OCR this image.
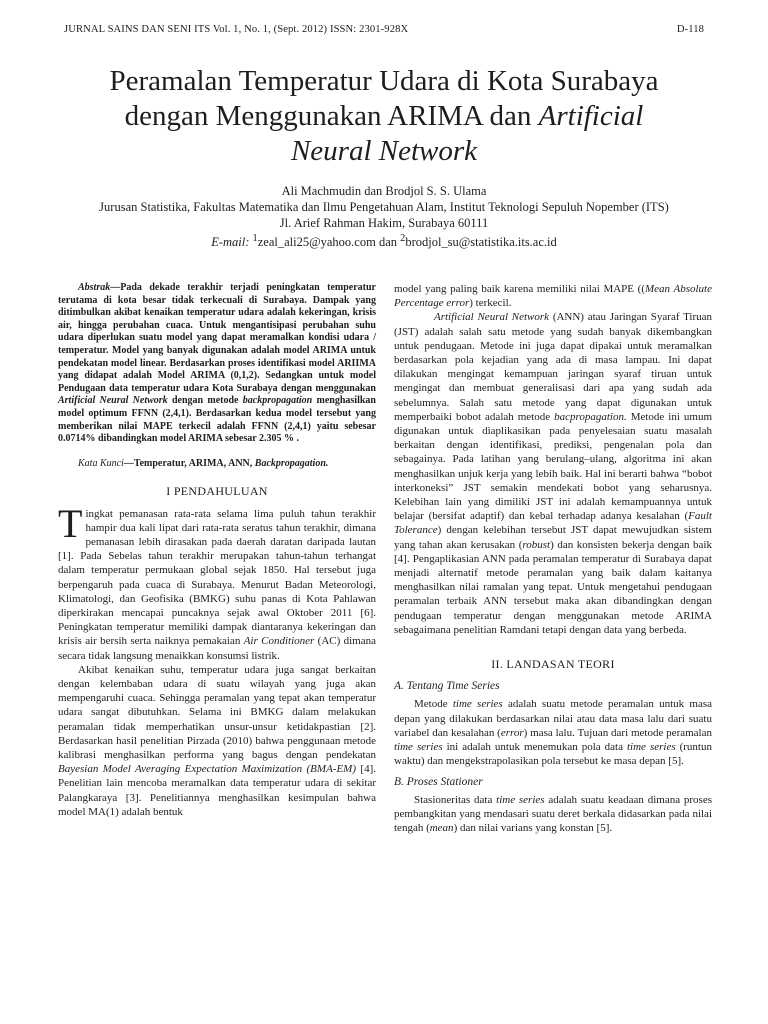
JURNAL SAINS DAN SENI ITS Vol. 1, No. 1, (Sept. 2012) ISSN: 2301-928X	D-118
Peramalan Temperatur Udara di Kota Surabaya
dengan Menggunakan ARIMA dan Artificial
Neural Network
Ali Machmudin dan Brodjol S. S. Ulama
Jurusan Statistika, Fakultas Matematika dan Ilmu Pengetahuan Alam, Institut Teknologi Sepuluh Nopember (ITS)
Jl. Arief Rahman Hakim, Surabaya 60111
E-mail: $^1$zeal_ali25@yahoo.com dan $^2$brodjol_su@statistika.its.ac.id

Abstrak—Pada dekade terakhir terjadi peningkatan temperatur terutama di kota besar tidak terkecuali di Surabaya. Dampak yang ditimbulkan akibat kenaikan temperatur udara adalah kekeringan, krisis air, hingga perubahan cuaca. Untuk mengantisipasi perubahan suhu udara diperlukan suatu model yang dapat meramalkan kondisi udara / temperatur. Model yang banyak digunakan adalah model ARIMA untuk pendekatan model linear. Berdasarkan proses identifikasi model ARIIMA yang didapat adalah Model ARIMA (0,1,2). Sedangkan untuk model Pendugaan data temperatur udara Kota Surabaya dengan menggunakan Artificial Neural Network dengan metode backpropagation menghasilkan model optimum FFNN (2,4,1). Berdasarkan kedua model tersebut yang memberikan nilai MAPE terkecil adalah FFNN (2,4,1) yaitu sebesar 0.0714% dibandingkan model ARIMA sebesar 2.305 % .

Kata Kunci—Temperatur, ARIMA, ANN, Backpropagation.

I PENDAHULUAN

Tingkat pemanasan rata-rata selama lima puluh tahun terakhir hampir dua kali lipat dari rata-rata seratus tahun terakhir, dimana pemanasan lebih dirasakan pada daerah daratan daripada lautan [1]. Pada Sebelas tahun terakhir merupakan tahun-tahun terhangat dalam temperatur permukaan global sejak 1850. Hal tersebut juga berpengaruh pada cuaca di Surabaya. Menurut Badan Meteorologi, Klimatologi, dan Geofisika (BMKG) suhu panas di Kota Pahlawan diperkirakan mencapai puncaknya sejak awal Oktober 2011 [6]. Peningkatan temperatur memiliki dampak diantaranya kekeringan dan krisis air bersih serta naiknya pemakaian Air Conditioner (AC) dimana secara tidak langsung menaikkan konsumsi listrik.

Akibat kenaikan suhu, temperatur udara juga sangat berkaitan dengan kelembaban udara di suatu wilayah yang juga akan mempengaruhi cuaca. Sehingga peramalan yang tepat akan temperatur udara sangat dibutuhkan. Selama ini BMKG dalam melakukan peramalan tidak memperhatikan unsur-unsur ketidakpastian [2]. Berdasarkan hasil penelitian Pirzada (2010) bahwa penggunaan metode kalibrasi menghasilkan performa yang bagus dengan pendekatan Bayesian Model Averaging Expectation Maximization (BMA-EM) [4]. Penelitian lain mencoba meramalkan data temperatur udara di sekitar Palangkaraya [3]. Penelitiannya menghasilkan kesimpulan bahwa model MA(1) adalah bentuk

model yang paling baik karena memiliki nilai MAPE ((Mean Absolute Percentage error) terkecil.

Artificial Neural Network (ANN) atau Jaringan Syaraf Tiruan (JST) adalah salah satu metode yang sudah banyak dikembangkan untuk pendugaan. Metode ini juga dapat dipakai untuk meramalkan berdasarkan pola kejadian yang ada di masa lampau. Ini dapat dilakukan mengingat kemampuan jaringan syaraf tiruan untuk mengingat dan membuat generalisasi dari apa yang sudah ada sebelumnya. Salah satu metode yang dapat digunakan untuk memperbaiki bobot adalah metode bacpropagation. Metode ini umum digunakan untuk diaplikasikan pada penyelesaian suatu masalah berkaitan dengan identifikasi, prediksi, pengenalan pola dan sebagainya. Pada latihan yang berulang–ulang, algoritma ini akan menghasilkan unjuk kerja yang lebih baik. Hal ini berarti bahwa “bobot interkoneksi” JST semakin mendekati bobot yang seharusnya. Kelebihan lain yang dimiliki JST ini adalah kemampuannya untuk belajar (bersifat adaptif) dan kebal terhadap adanya kesalahan (Fault Tolerance) dengan kelebihan tersebut JST dapat mewujudkan sistem yang tahan akan kerusakan (robust) dan konsisten bekerja dengan baik [4]. Pengaplikasian ANN pada peramalan temperatur di Surabaya dapat menjadi alternatif metode peramalan yang baik dalam kaitanya menghasilkan nilai ramalan yang tepat. Untuk mengetahui pendugaan peramalan terbaik ANN tersebut maka akan dibandingkan dengan pendugaan temperatur dengan menggunakan metode ARIMA sebagaimana penelitian Ramdani tetapi dengan data yang berbeda.

II. LANDASAN TEORI
A. Tentang Time Series

Metode time series adalah suatu metode peramalan untuk masa depan yang dilakukan berdasarkan nilai atau data masa lalu dari suatu variabel dan kesalahan (error) masa lalu. Tujuan dari metode peramalan time series ini adalah untuk menemukan pola data time series (runtun waktu) dan mengekstrapolasikan pola tersebut ke masa depan [5].

B. Proses Stationer

Stasioneritas data time series adalah suatu keadaan dimana proses pembangkitan yang mendasari suatu deret berkala didasarkan pada nilai tengah (mean) dan nilai varians yang konstan [5].
